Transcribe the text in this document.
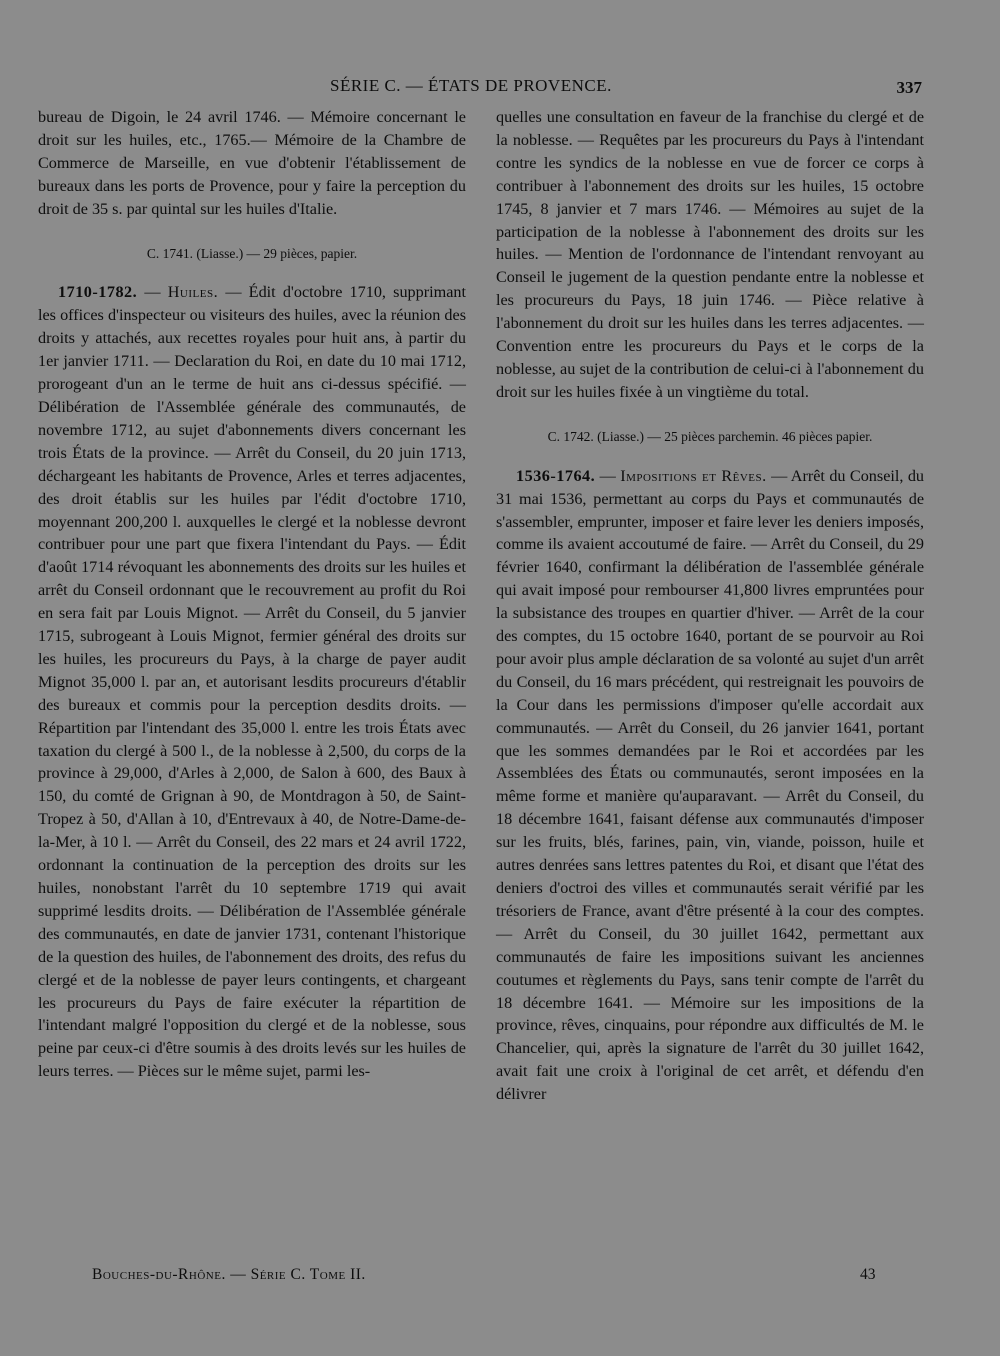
SÉRIE C. — ÉTATS DE PROVENCE.	337

bureau de Digoin, le 24 avril 1746. — Mémoire concernant le droit sur les huiles, etc., 1765.— Mémoire de la Chambre de Commerce de Marseille, en vue d'obtenir l'établissement de bureaux dans les ports de Provence, pour y faire la perception du droit de 35 s. par quintal sur les huiles d'Italie.

C. 1741. (Liasse.) — 29 pièces, papier.

1710-1782. — Huiles. — Édit d'octobre 1710, supprimant les offices d'inspecteur ou visiteurs des huiles, avec la réunion des droits y attachés, aux recettes royales pour huit ans, à partir du 1er janvier 1711. — Declaration du Roi, en date du 10 mai 1712, prorogeant d'un an le terme de huit ans ci-dessus spécifié. — Délibération de l'Assemblée générale des communautés, de novembre 1712, au sujet d'abonnements divers concernant les trois États de la province. — Arrêt du Conseil, du 20 juin 1713, déchargeant les habitants de Provence, Arles et terres adjacentes, des droit établis sur les huiles par l'édit d'octobre 1710, moyennant 200,200 l. auxquelles le clergé et la noblesse devront contribuer pour une part que fixera l'intendant du Pays. — Édit d'août 1714 révoquant les abonnements des droits sur les huiles et arrêt du Conseil ordonnant que le recouvrement au profit du Roi en sera fait par Louis Mignot. — Arrêt du Conseil, du 5 janvier 1715, subrogeant à Louis Mignot, fermier général des droits sur les huiles, les procureurs du Pays, à la charge de payer audit Mignot 35,000 l. par an, et autorisant lesdits procureurs d'établir des bureaux et commis pour la perception desdits droits. — Répartition par l'intendant des 35,000 l. entre les trois États avec taxation du clergé à 500 l., de la noblesse à 2,500, du corps de la province à 29,000, d'Arles à 2,000, de Salon à 600, des Baux à 150, du comté de Grignan à 90, de Montdragon à 50, de Saint-Tropez à 50, d'Allan à 10, d'Entrevaux à 40, de Notre-Dame-de-la-Mer, à 10 l. — Arrêt du Conseil, des 22 mars et 24 avril 1722, ordonnant la continuation de la perception des droits sur les huiles, nonobstant l'arrêt du 10 septembre 1719 qui avait supprimé lesdits droits. — Délibération de l'Assemblée générale des communautés, en date de janvier 1731, contenant l'historique de la question des huiles, de l'abonnement des droits, des refus du clergé et de la noblesse de payer leurs contingents, et chargeant les procureurs du Pays de faire exécuter la répartition de l'intendant malgré l'opposition du clergé et de la noblesse, sous peine par ceux-ci d'être soumis à des droits levés sur les huiles de leurs terres. — Pièces sur le même sujet, parmi les-

quelles une consultation en faveur de la franchise du clergé et de la noblesse. — Requêtes par les procureurs du Pays à l'intendant contre les syndics de la noblesse en vue de forcer ce corps à contribuer à l'abonnement des droits sur les huiles, 15 octobre 1745, 8 janvier et 7 mars 1746. — Mémoires au sujet de la participation de la noblesse à l'abonnement des droits sur les huiles. — Mention de l'ordonnance de l'intendant renvoyant au Conseil le jugement de la question pendante entre la noblesse et les procureurs du Pays, 18 juin 1746. — Pièce relative à l'abonnement du droit sur les huiles dans les terres adjacentes. — Convention entre les procureurs du Pays et le corps de la noblesse, au sujet de la contribution de celui-ci à l'abonnement du droit sur les huiles fixée à un vingtième du total.

C. 1742. (Liasse.) — 25 pièces parchemin. 46 pièces papier.

1536-1764. — Impositions et Rêves. — Arrêt du Conseil, du 31 mai 1536, permettant au corps du Pays et communautés de s'assembler, emprunter, imposer et faire lever les deniers imposés, comme ils avaient accoutumé de faire. — Arrêt du Conseil, du 29 février 1640, confirmant la délibération de l'assemblée générale qui avait imposé pour rembourser 41,800 livres empruntées pour la subsistance des troupes en quartier d'hiver. — Arrêt de la cour des comptes, du 15 octobre 1640, portant de se pourvoir au Roi pour avoir plus ample déclaration de sa volonté au sujet d'un arrêt du Conseil, du 16 mars précédent, qui restreignait les pouvoirs de la Cour dans les permissions d'imposer qu'elle accordait aux communautés. — Arrêt du Conseil, du 26 janvier 1641, portant que les sommes demandées par le Roi et accordées par les Assemblées des États ou communautés, seront imposées en la même forme et manière qu'auparavant. — Arrêt du Conseil, du 18 décembre 1641, faisant défense aux communautés d'imposer sur les fruits, blés, farines, pain, vin, viande, poisson, huile et autres denrées sans lettres patentes du Roi, et disant que l'état des deniers d'octroi des villes et communautés serait vérifié par les trésoriers de France, avant d'être présenté à la cour des comptes. — Arrêt du Conseil, du 30 juillet 1642, permettant aux communautés de faire les impositions suivant les anciennes coutumes et règlements du Pays, sans tenir compte de l'arrêt du 18 décembre 1641. — Mémoire sur les impositions de la province, rêves, cinquains, pour répondre aux difficultés de M. le Chancelier, qui, après la signature de l'arrêt du 30 juillet 1642, avait fait une croix à l'original de cet arrêt, et défendu d'en délivrer

Bouches-du-Rhône. — Série C. Tome II.	43
